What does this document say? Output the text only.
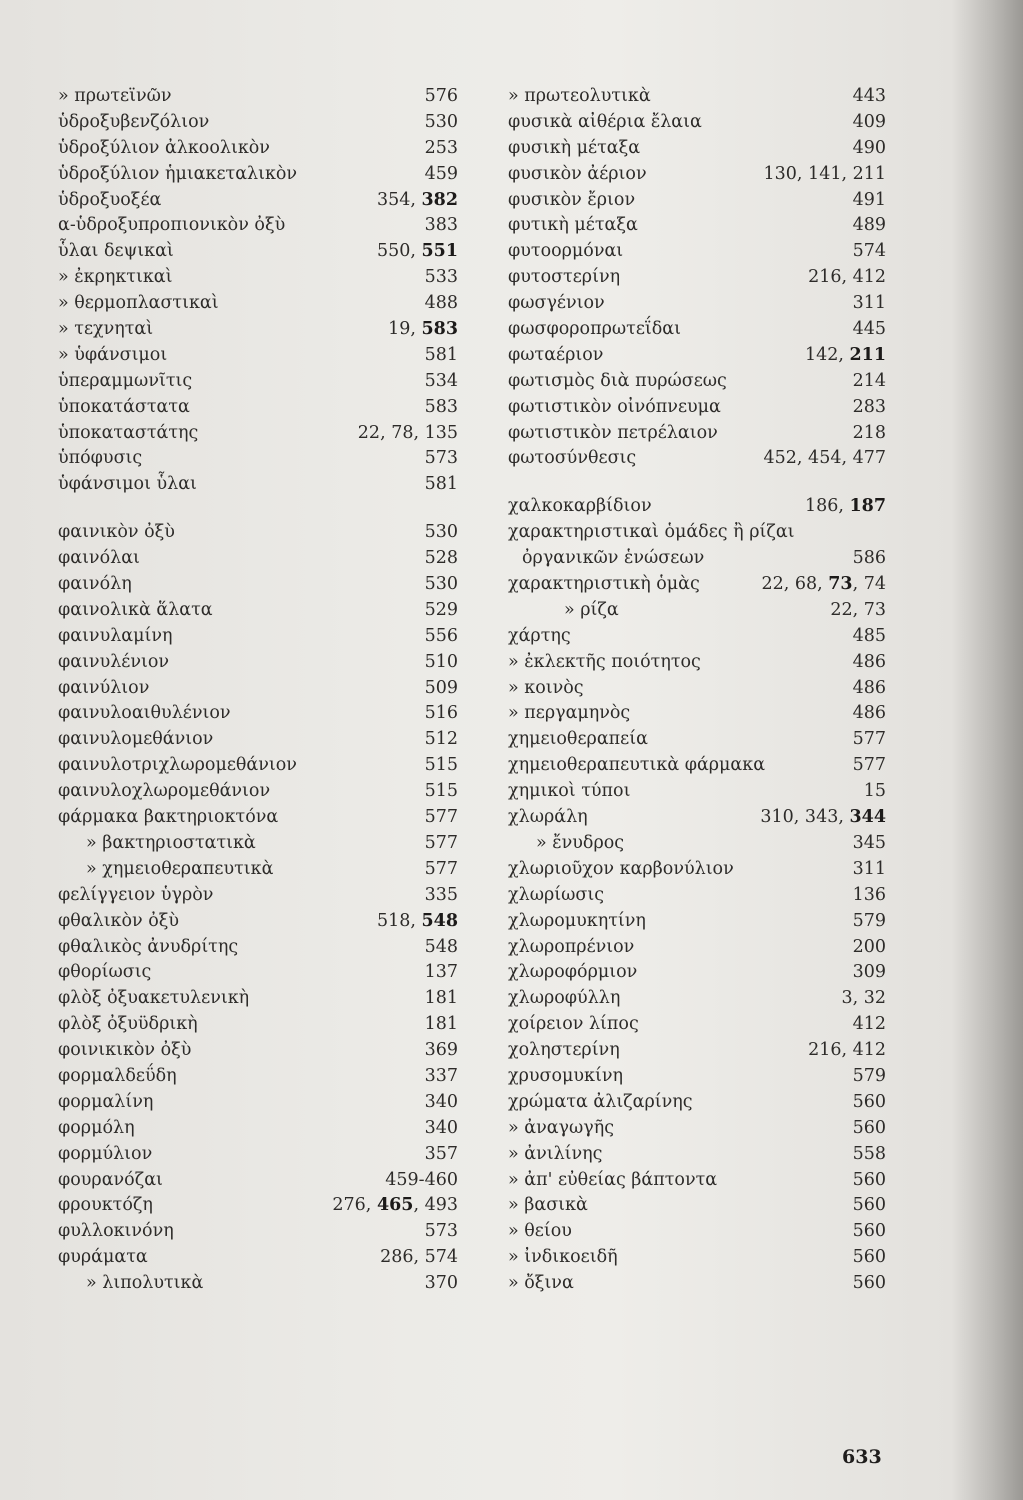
» πρωτεϊνῶν	576
ὑδροξυβενζόλιον	530
ὑδροξύλιον ἀλκοολικὸν	253
ὑδροξύλιον ἡμιακεταλικὸν	459
ὑδροξυοξέα	354, 382
α-ὑδροξυπροπιονικὸν ὀξὺ	383
ὗλαι δεψικαὶ	550, 551
» ἐκρηκτικαὶ	533
» θερμοπλαστικαὶ	488
» τεχνηταὶ	19, 583
» ὑφάνσιμοι	581
ὑπεραμμωνῖτις	534
ὑποκατάστατα	583
ὑποκαταστάτης	22, 78, 135
ὑπόφυσις	573
ὑφάνσιμοι ὗλαι	581
φαινικὸν ὀξὺ	530
φαινόλαι	528
φαινόλη	530
φαινολικὰ ἅλατα	529
φαινυλαμίνη	556
φαινυλένιον	510
φαινύλιον	509
φαινυλοαιθυλένιον	516
φαινυλομεθάνιον	512
φαινυλοτριχλωρομεθάνιον	515
φαινυλοχλωρομεθάνιον	515
φάρμακα βακτηριοκτόνα	577
» βακτηριοστατικὰ	577
» χημειοθεραπευτικὰ	577
φελίγγειον ὑγρὸν	335
φθαλικὸν ὀξὺ	518, 548
φθαλικὸς ἀνυδρίτης	548
φθορίωσις	137
φλὸξ ὀξυακετυλενικὴ	181
φλὸξ ὀξυϋδρικὴ	181
φοινικικὸν ὀξὺ	369
φορμαλδεΰδη	337
φορμαλίνη	340
φορμόλη	340
φορμύλιον	357
φουρανόζαι	459-460
φρουκτόζη	276, 465, 493
φυλλοκινόνη	573
φυράματα	286, 574
» λιπολυτικὰ	370
» πρωτεολυτικὰ	443
φυσικὰ αἰθέρια ἔλαια	409
φυσικὴ μέταξα	490
φυσικὸν ἀέριον	130, 141, 211
φυσικὸν ἔριον	491
φυτικὴ μέταξα	489
φυτοορμόναι	574
φυτοστερίνη	216, 412
φωσγένιον	311
φωσφοροπρωτεΐδαι	445
φωταέριον	142, 211
φωτισμὸς διὰ πυρώσεως	214
φωτιστικὸν οἰνόπνευμα	283
φωτιστικὸν πετρέλαιον	218
φωτοσύνθεσις	452, 454, 477
χαλκοκαρβίδιον	186, 187
χαρακτηριστικαὶ ὁμάδες ἢ ρίζαι
ὀργανικῶν ἑνώσεων	586
χαρακτηριστικὴ ὁμὰς	22, 68, 73, 74
» ρίζα	22, 73
χάρτης	485
» ἐκλεκτῆς ποιότητος	486
» κοινὸς	486
» περγαμηνὸς	486
χημειοθεραπεία	577
χημειοθεραπευτικὰ φάρμακα	577
χημικοὶ τύποι	15
χλωράλη	310, 343, 344
» ἔνυδρος	345
χλωριοῦχον καρβονύλιον	311
χλωρίωσις	136
χλωρομυκητίνη	579
χλωροπρένιον	200
χλωροφόρμιον	309
χλωροφύλλη	3, 32
χοίρειον λίπος	412
χοληστερίνη	216, 412
χρυσομυκίνη	579
χρώματα ἀλιζαρίνης	560
» ἀναγωγῆς	560
» ἀνιλίνης	558
» ἀπ' εὐθείας βάπτοντα	560
» βασικὰ	560
» θείου	560
» ἰνδικοειδῆ	560
» ὄξινα	560
633
